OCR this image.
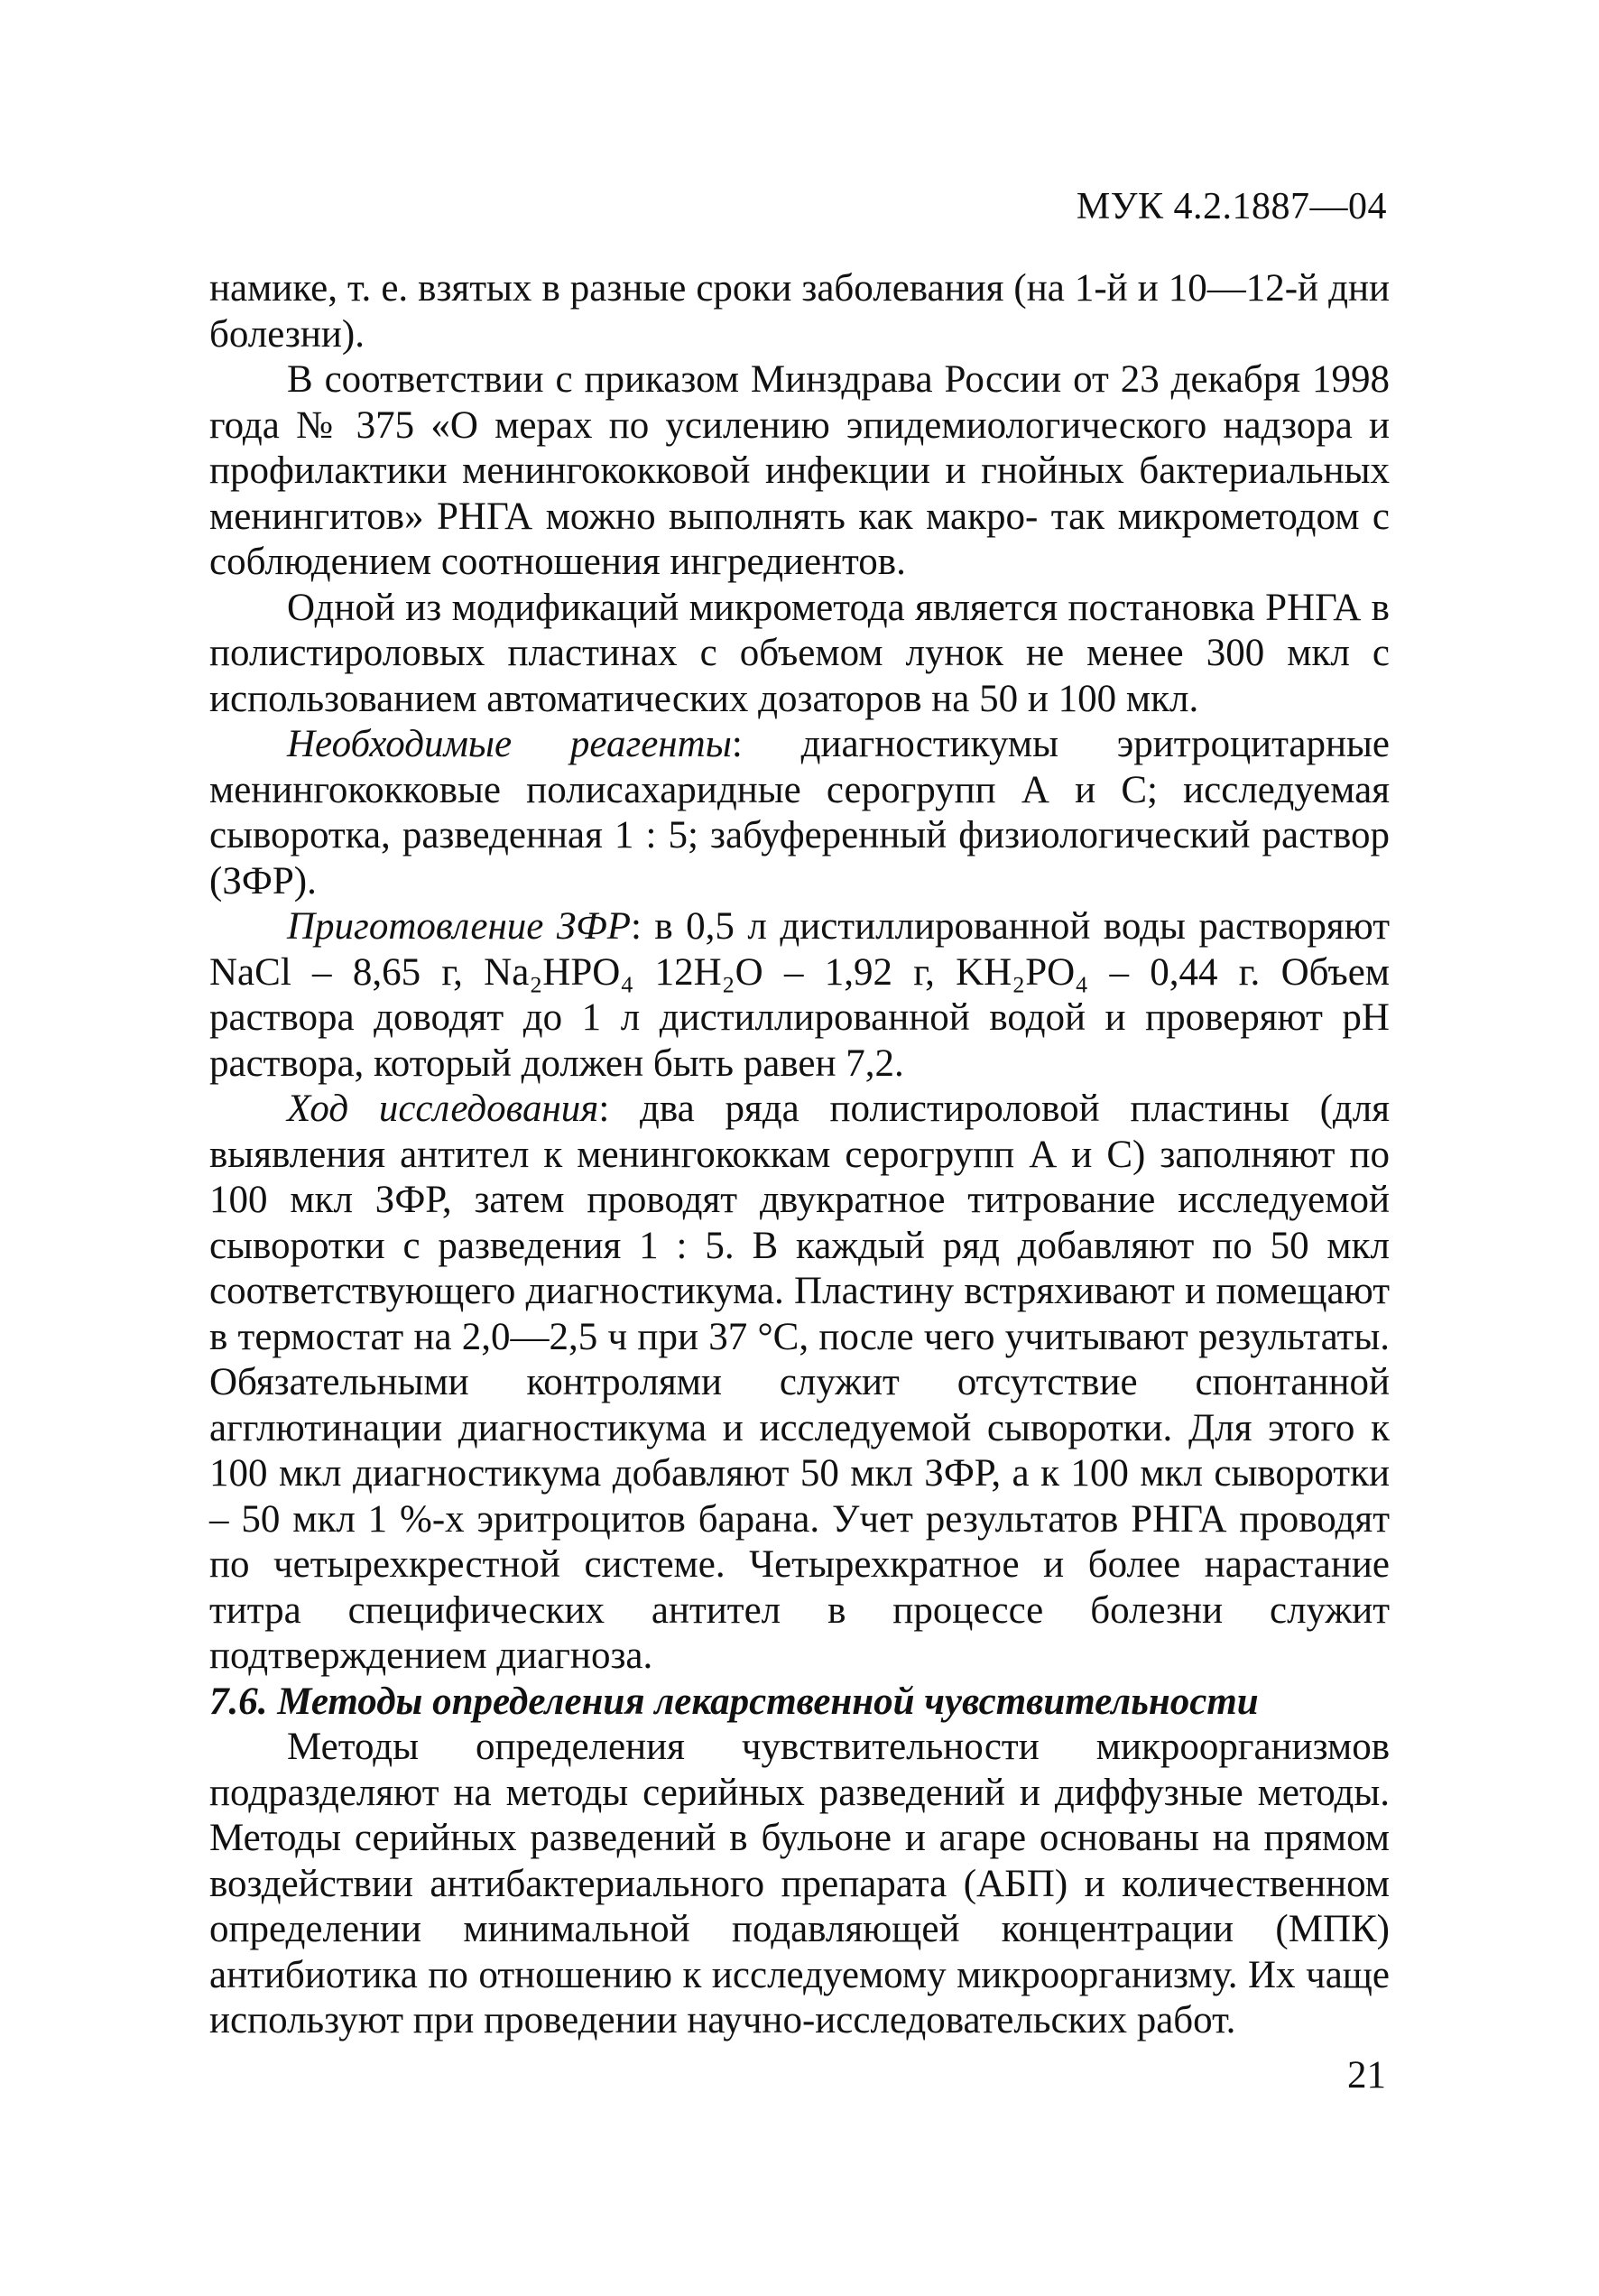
МУК 4.2.1887—04

намике, т. е. взятых в разные сроки заболевания (на 1-й и 10—12-й дни болезни).

В соответствии с приказом Минздрава России от 23 декабря 1998 года № 375 «О мерах по усилению эпидемиологического надзора и профилактики менингококковой инфекции и гнойных бактериальных менингитов» РНГА можно выполнять как макро- так микрометодом с соблюдением соотношения ингредиентов.

Одной из модификаций микрометода является постановка РНГА в полистироловых пластинах с объемом лунок не менее 300 мкл с использованием автоматических дозаторов на 50 и 100 мкл.

Необходимые реагенты: диагностикумы эритроцитарные менингококковые полисахаридные серогрупп А и С; исследуемая сыворотка, разведенная 1 : 5; забуференный физиологический раствор (ЗФР).

Приготовление ЗФР: в 0,5 л дистиллированной воды растворяют NaCl – 8,65 г, Na₂HPO₄ 12H₂O – 1,92 г, KH₂PO₄ – 0,44 г. Объем раствора доводят до 1 л дистиллированной водой и проверяют pH раствора, который должен быть равен 7,2.

Ход исследования: два ряда полистироловой пластины (для выявления антител к менингококкам серогрупп А и С) заполняют по 100 мкл ЗФР, затем проводят двукратное титрование исследуемой сыворотки с разведения 1 : 5. В каждый ряд добавляют по 50 мкл соответствующего диагностикума. Пластину встряхивают и помещают в термостат на 2,0—2,5 ч при 37 °С, после чего учитывают результаты. Обязательными контролями служит отсутствие спонтанной агглютинации диагностикума и исследуемой сыворотки. Для этого к 100 мкл диагностикума добавляют 50 мкл ЗФР, а к 100 мкл сыворотки – 50 мкл 1 %-х эритроцитов барана. Учет результатов РНГА проводят по четырехкрестной системе. Четырехкратное и более нарастание титра специфических антител в процессе болезни служит подтверждением диагноза.

7.6. Методы определения лекарственной чувствительности

Методы определения чувствительности микроорганизмов подразделяют на методы серийных разведений и диффузные методы. Методы серийных разведений в бульоне и агаре основаны на прямом воздействии антибактериального препарата (АБП) и количественном определении минимальной подавляющей концентрации (МПК) антибиотика по отношению к исследуемому микроорганизму. Их чаще используют при проведении научно-исследовательских работ.

21
